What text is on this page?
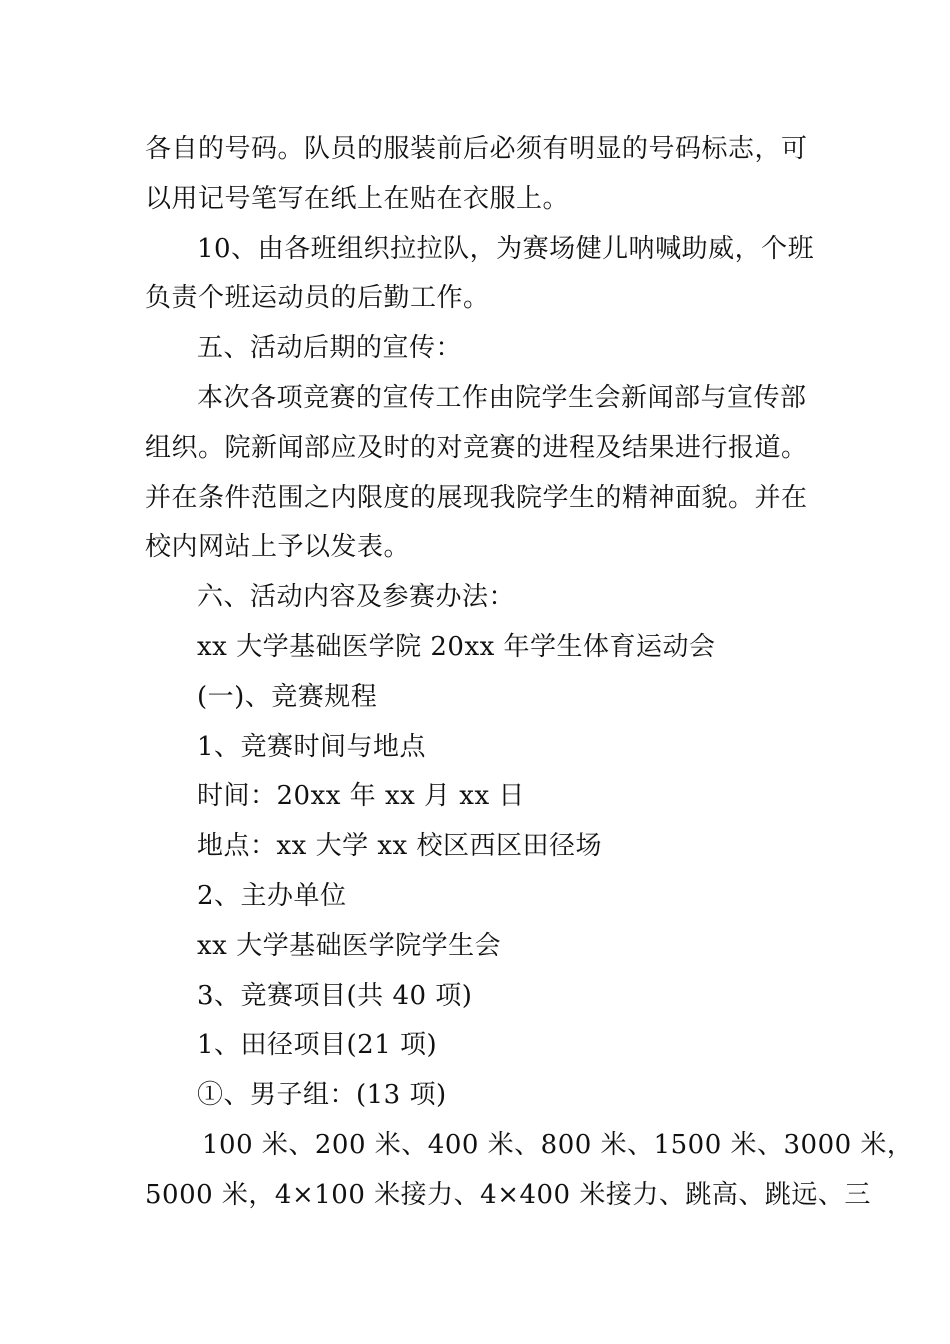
各自的号码。队员的服装前后必须有明显的号码标志，可
以用记号笔写在纸上在贴在衣服上。
10、由各班组织拉拉队，为赛场健儿呐喊助威，个班
负责个班运动员的后勤工作。
五、活动后期的宣传：
本次各项竞赛的宣传工作由院学生会新闻部与宣传部
组织。院新闻部应及时的对竞赛的进程及结果进行报道。
并在条件范围之内限度的展现我院学生的精神面貌。并在
校内网站上予以发表。
六、活动内容及参赛办法：
xx 大学基础医学院 20xx 年学生体育运动会
(一)、竞赛规程
1、竞赛时间与地点
时间：20xx 年 xx 月 xx 日
地点：xx 大学 xx 校区西区田径场
2、主办单位
xx 大学基础医学院学生会
3、竞赛项目(共 40 项)
1、田径项目(21 项)
①、男子组：(13 项)
100 米、200 米、400 米、800 米、1500 米、3000 米，
5000 米，4×100 米接力、4×400 米接力、跳高、跳远、三
